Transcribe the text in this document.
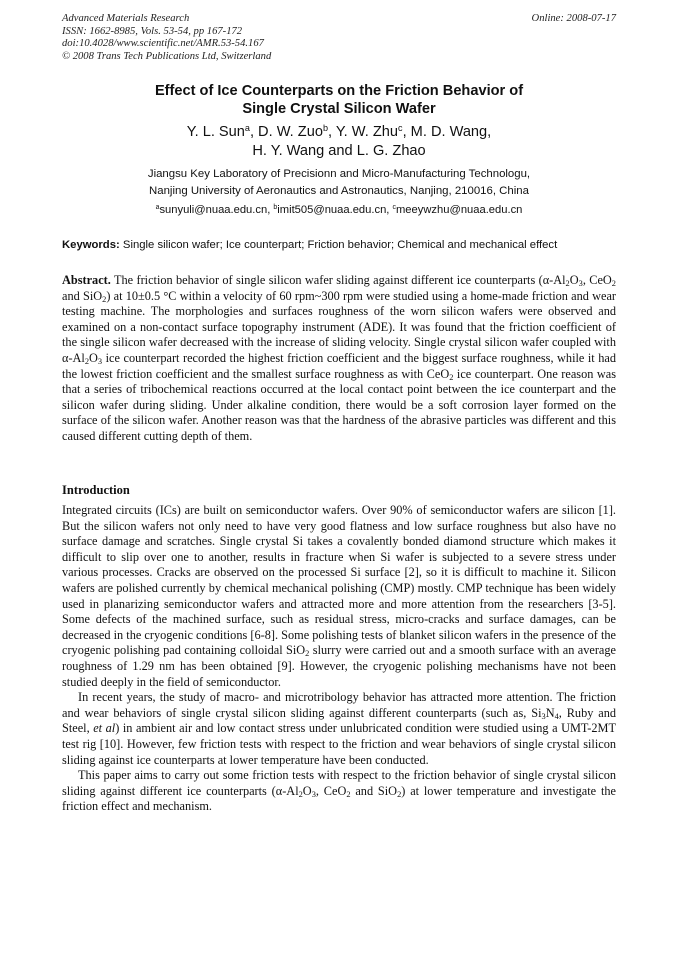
Advanced Materials Research
ISSN: 1662-8985, Vols. 53-54, pp 167-172
doi:10.4028/www.scientific.net/AMR.53-54.167
© 2008 Trans Tech Publications Ltd, Switzerland
Online: 2008-07-17
Effect of Ice Counterparts on the Friction Behavior of
Single Crystal Silicon Wafer
Y. L. Sun$^a$, D. W. Zuo$^b$, Y. W. Zhu$^c$, M. D. Wang,
H. Y. Wang and L. G. Zhao
Jiangsu Key Laboratory of Precisionn and Micro-Manufacturing Technologu,
Nanjing University of Aeronautics and Astronautics, Nanjing, 210016, China
$^a$sunyuli@nuaa.edu.cn, $^b$imit505@nuaa.edu.cn, $^c$meeywzhu@nuaa.edu.cn
Keywords: Single silicon wafer; Ice counterpart; Friction behavior; Chemical and mechanical effect
Abstract. The friction behavior of single silicon wafer sliding against different ice counterparts ($\alpha-Al_2O_3$, CeO$_2$ and SiO$_2$) at 10±0.5 °C within a velocity of 60 rpm~300 rpm were studied using a home-made friction and wear testing machine. The morphologies and surfaces roughness of the worn silicon wafers were observed and examined on a non-contact surface topography instrument (ADE). It was found that the friction coefficient of the single silicon wafer decreased with the increase of sliding velocity. Single crystal silicon wafer coupled with $\alpha-Al_2O_3$ ice counterpart recorded the highest friction coefficient and the biggest surface roughness, while it had the lowest friction coefficient and the smallest surface roughness as with CeO$_2$ ice counterpart. One reason was that a series of tribochemical reactions occurred at the local contact point between the ice counterpart and the silicon wafer during sliding. Under alkaline condition, there would be a soft corrosion layer formed on the surface of the silicon wafer. Another reason was that the hardness of the abrasive particles was different and this caused different cutting depth of them.
Introduction

Integrated circuits (ICs) are built on semiconductor wafers. Over 90% of semiconductor wafers are silicon [1]. But the silicon wafers not only need to have very good flatness and low surface roughness but also have no surface damage and scratches. Single crystal Si takes a covalently bonded diamond structure which makes it difficult to slip over one to another, results in fracture when Si wafer is subjected to a severe stress under various processes. Cracks are observed on the processed Si surface [2], so it is difficult to machine it. Silicon wafers are polished currently by chemical mechanical polishing (CMP) mostly. CMP technique has been widely used in planarizing semiconductor wafers and attracted more and more attention from the researchers [3-5]. Some defects of the machined surface, such as residual stress, micro-cracks and surface damages, can be decreased in the cryogenic conditions [6-8]. Some polishing tests of blanket silicon wafers in the presence of the cryogenic polishing pad containing colloidal SiO$_2$ slurry were carried out and a smooth surface with an average roughness of 1.29 nm has been obtained [9]. However, the cryogenic polishing mechanisms have not been studied deeply in the field of semiconductor.

In recent years, the study of macro- and microtribology behavior has attracted more attention. The friction and wear behaviors of single crystal silicon sliding against different counterparts (such as, $Si_3N_4$, Ruby and Steel, et al) in ambient air and low contact stress under unlubricated condition were studied using a UMT-2MT test rig [10]. However, few friction tests with respect to the friction and wear behaviors of single crystal silicon sliding against ice counterparts at lower temperature have been conducted.

This paper aims to carry out some friction tests with respect to the friction behavior of single crystal silicon sliding against different ice counterparts ($\alpha-Al_2O_3$, CeO$_2$ and SiO$_2$) at lower temperature and investigate the friction effect and mechanism.
